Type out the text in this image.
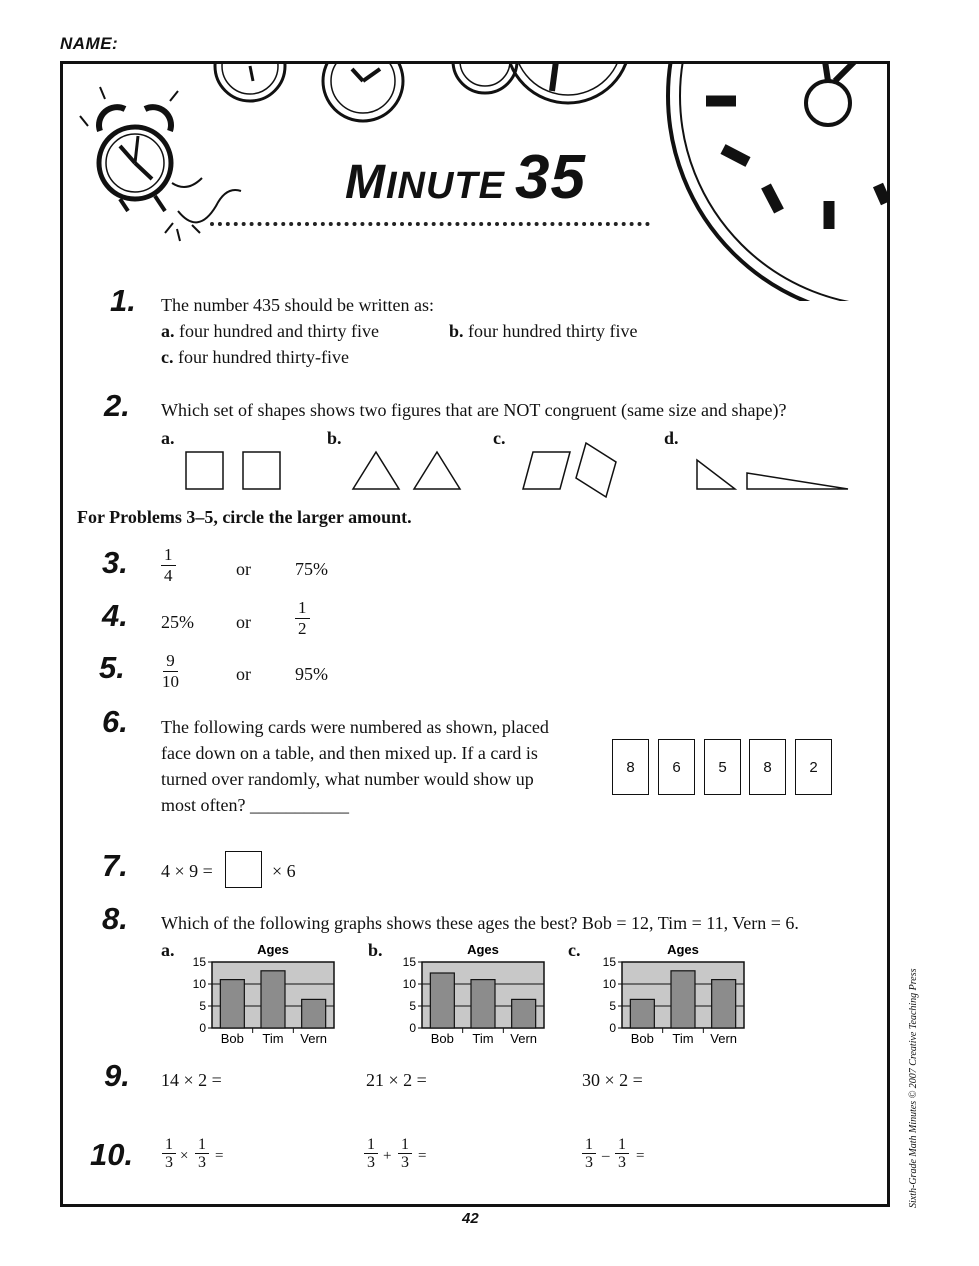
NAME:
MINUTE 35
1. The number 435 should be written as:
a. four hundred and thirty five	b. four hundred thirty five
c. four hundred thirty-five
2. Which set of shapes shows two figures that are NOT congruent (same size and shape)?
a.	b.	c.	d.
For Problems 3–5, circle the larger amount.
3. $\frac{1}{4}$	or 75%
4. 25% or	$\frac{1}{2}$
5. $\frac{9}{10}$	or 95%
6. The following cards were numbered as shown, placed
face down on a table, and then mixed up. If a card is
turned over randomly, what number would show up
most often? ___________
8	6	5	8	2
7. 4 × 9 =	× 6
8. Which of the following graphs shows these ages the best? Bob = 12, Tim = 11, Vern = 6.
a.	b.	c.
Ages
15
10
5
0
Bob Tim Vern
Ages
15
10
5
0
Bob Tim Vern
Ages
15
10
5
0
Bob Tim Vern
9. 14 × 2 =	21 × 2 =	30 × 2 =
10. $\frac{1}{3} \times \frac{1}{3}$ =	$\frac{1}{3} + \frac{1}{3}$ =	$\frac{1}{3} - \frac{1}{3}$ =
42
Sixth-Grade Math Minutes © 2007 Creative Teaching Press
